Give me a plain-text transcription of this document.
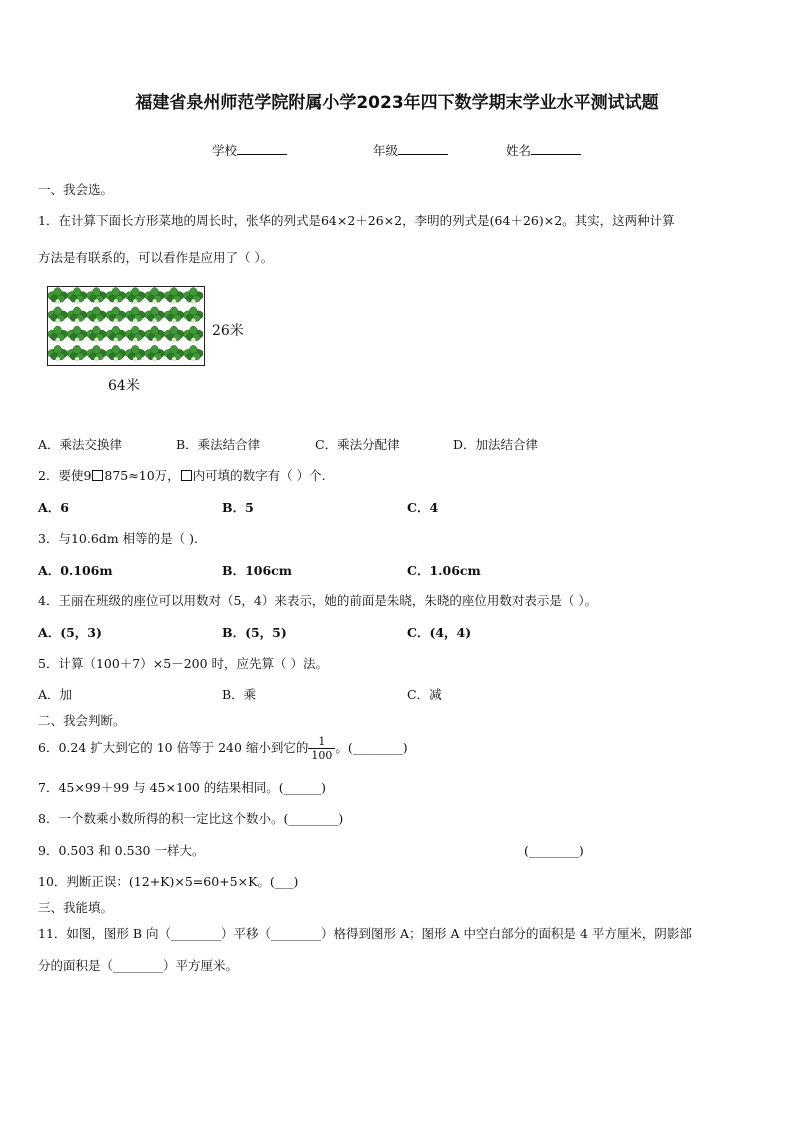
福建省泉州师范学院附属小学2023年四下数学期末学业水平测试试题
学校	年级	姓名
一、我会选。
1．在计算下面长方形菜地的周长时，张华的列式是64×2＋26×2，李明的列式是(64＋26)×2。其实，这两种计算
方法是有联系的，可以看作是应用了（ ）。
26米
64米
A．乘法交换律	B．乘法结合律	C．乘法分配律	D．加法结合律
2．要使9 875≈10万， 内可填的数字有（ ）个.
A．6	B．5	C．4
3．与10.6dm 相等的是（ ).
A．0.106m	B．106cm	C．1.06cm
4．王丽在班级的座位可以用数对（5，4）来表示，她的前面是朱晓，朱晓的座位用数对表示是（ ）。
A．(5，3)	B．(5，5)	C．(4，4)
5．计算（100＋7）×5－200 时，应先算（ ）法。
A．加	B．乘	C．减
二、我会判断。
6．0.24 扩大到它的 10 倍等于 240 缩小到它的 $\frac{1}{100}$ 。(________)
7．45×99＋99 与 45×100 的结果相同。(______)
8．一个数乘小数所得的积一定比这个数小。(________)
9．0.503 和 0.530 一样大。	(________)
10．判断正误：(12+K)×5=60+5×K。(___)
三、我能填。
11．如图，图形 B 向（________）平移（________）格得到图形 A；图形 A 中空白部分的面积是 4 平方厘米，阴影部
分的面积是（________）平方厘米。
